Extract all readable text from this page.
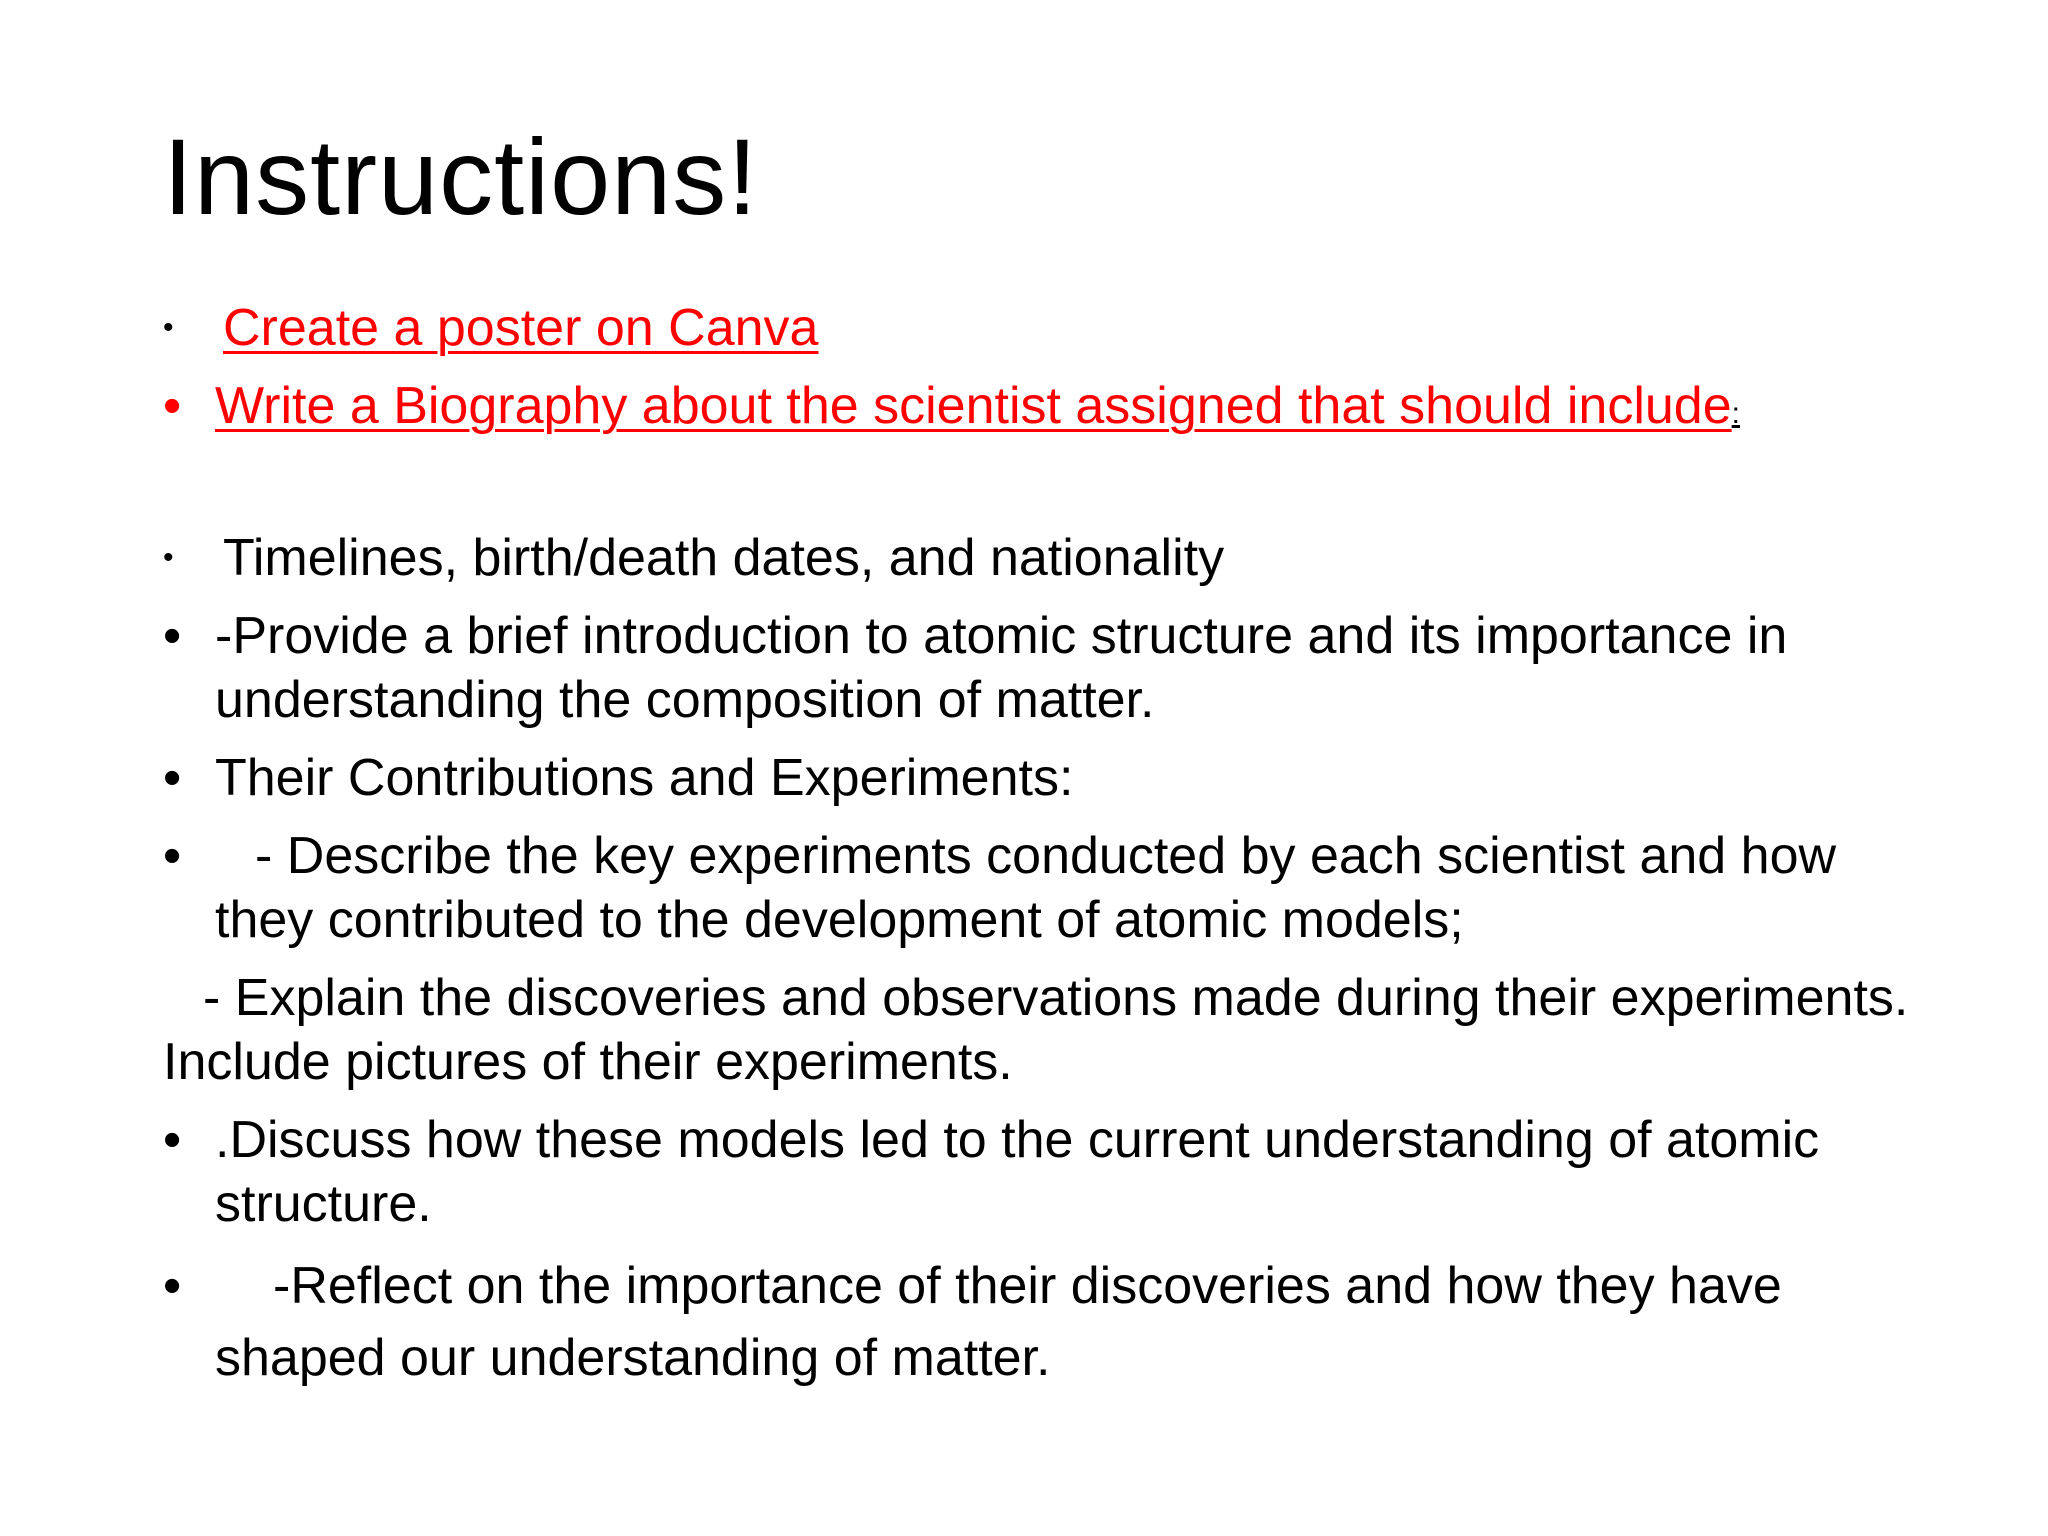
Instructions!
• Create a poster on Canva
• Write a Biography about the scientist assigned that should include:
• Timelines, birth/death dates, and nationality
• -Provide a brief introduction to atomic structure and its importance in understanding the composition of matter.
• Their Contributions and Experiments:
•	- Describe the key experiments conducted by each scientist and how they contributed to the development of atomic models;
- Explain the discoveries and observations made during their experiments. Include pictures of their experiments.
• .Discuss how these models led to the current understanding of atomic structure.
•	-Reflect on the importance of their discoveries and how they have shaped our understanding of matter.
